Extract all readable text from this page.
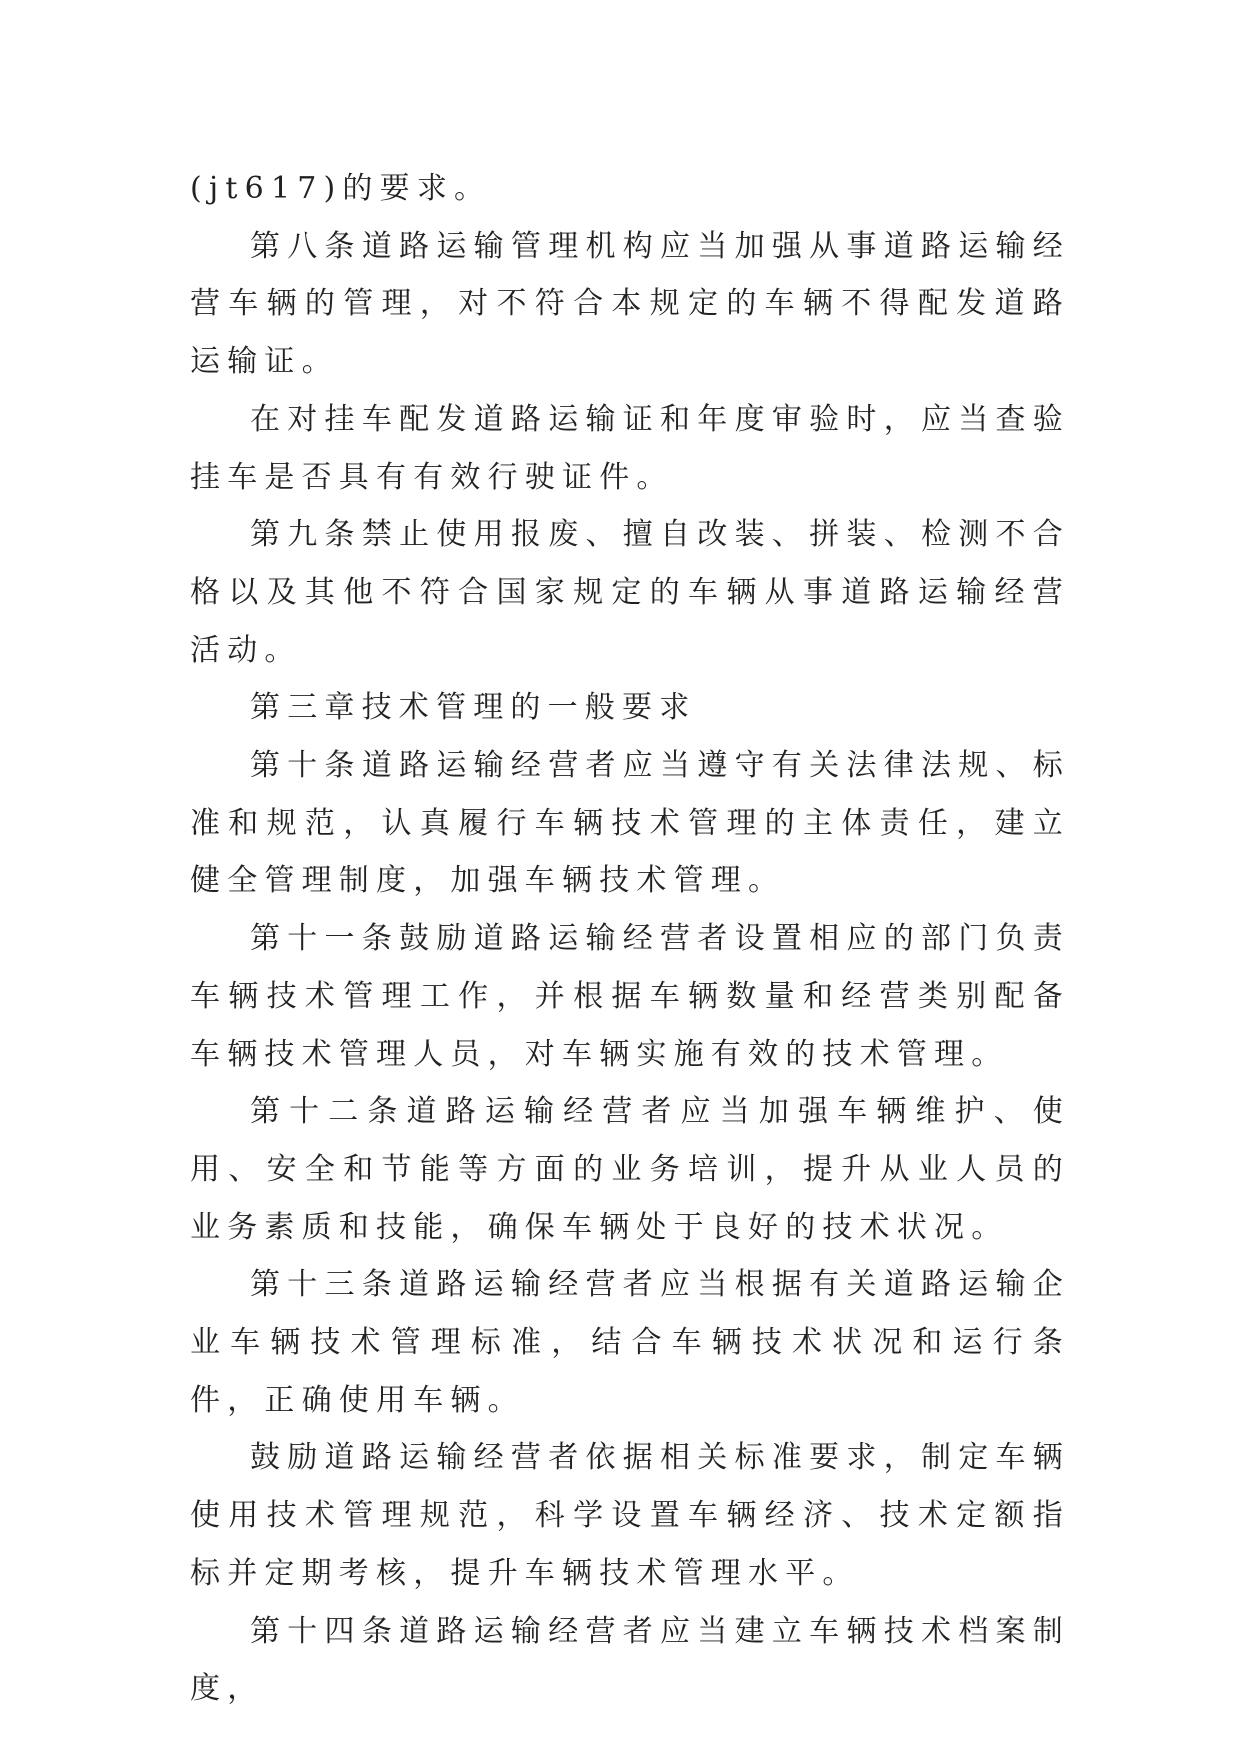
(jt617)的要求。

第八条道路运输管理机构应当加强从事道路运输经营车辆的管理，对不符合本规定的车辆不得配发道路运输证。

在对挂车配发道路运输证和年度审验时，应当查验挂车是否具有有效行驶证件。

第九条禁止使用报废、擅自改装、拼装、检测不合格以及其他不符合国家规定的车辆从事道路运输经营活动。

第三章技术管理的一般要求

第十条道路运输经营者应当遵守有关法律法规、标准和规范，认真履行车辆技术管理的主体责任，建立健全管理制度，加强车辆技术管理。

第十一条鼓励道路运输经营者设置相应的部门负责车辆技术管理工作，并根据车辆数量和经营类别配备车辆技术管理人员，对车辆实施有效的技术管理。

第十二条道路运输经营者应当加强车辆维护、使用、安全和节能等方面的业务培训，提升从业人员的业务素质和技能，确保车辆处于良好的技术状况。

第十三条道路运输经营者应当根据有关道路运输企业车辆技术管理标准，结合车辆技术状况和运行条件，正确使用车辆。

鼓励道路运输经营者依据相关标准要求，制定车辆使用技术管理规范，科学设置车辆经济、技术定额指标并定期考核，提升车辆技术管理水平。

第十四条道路运输经营者应当建立车辆技术档案制度，
